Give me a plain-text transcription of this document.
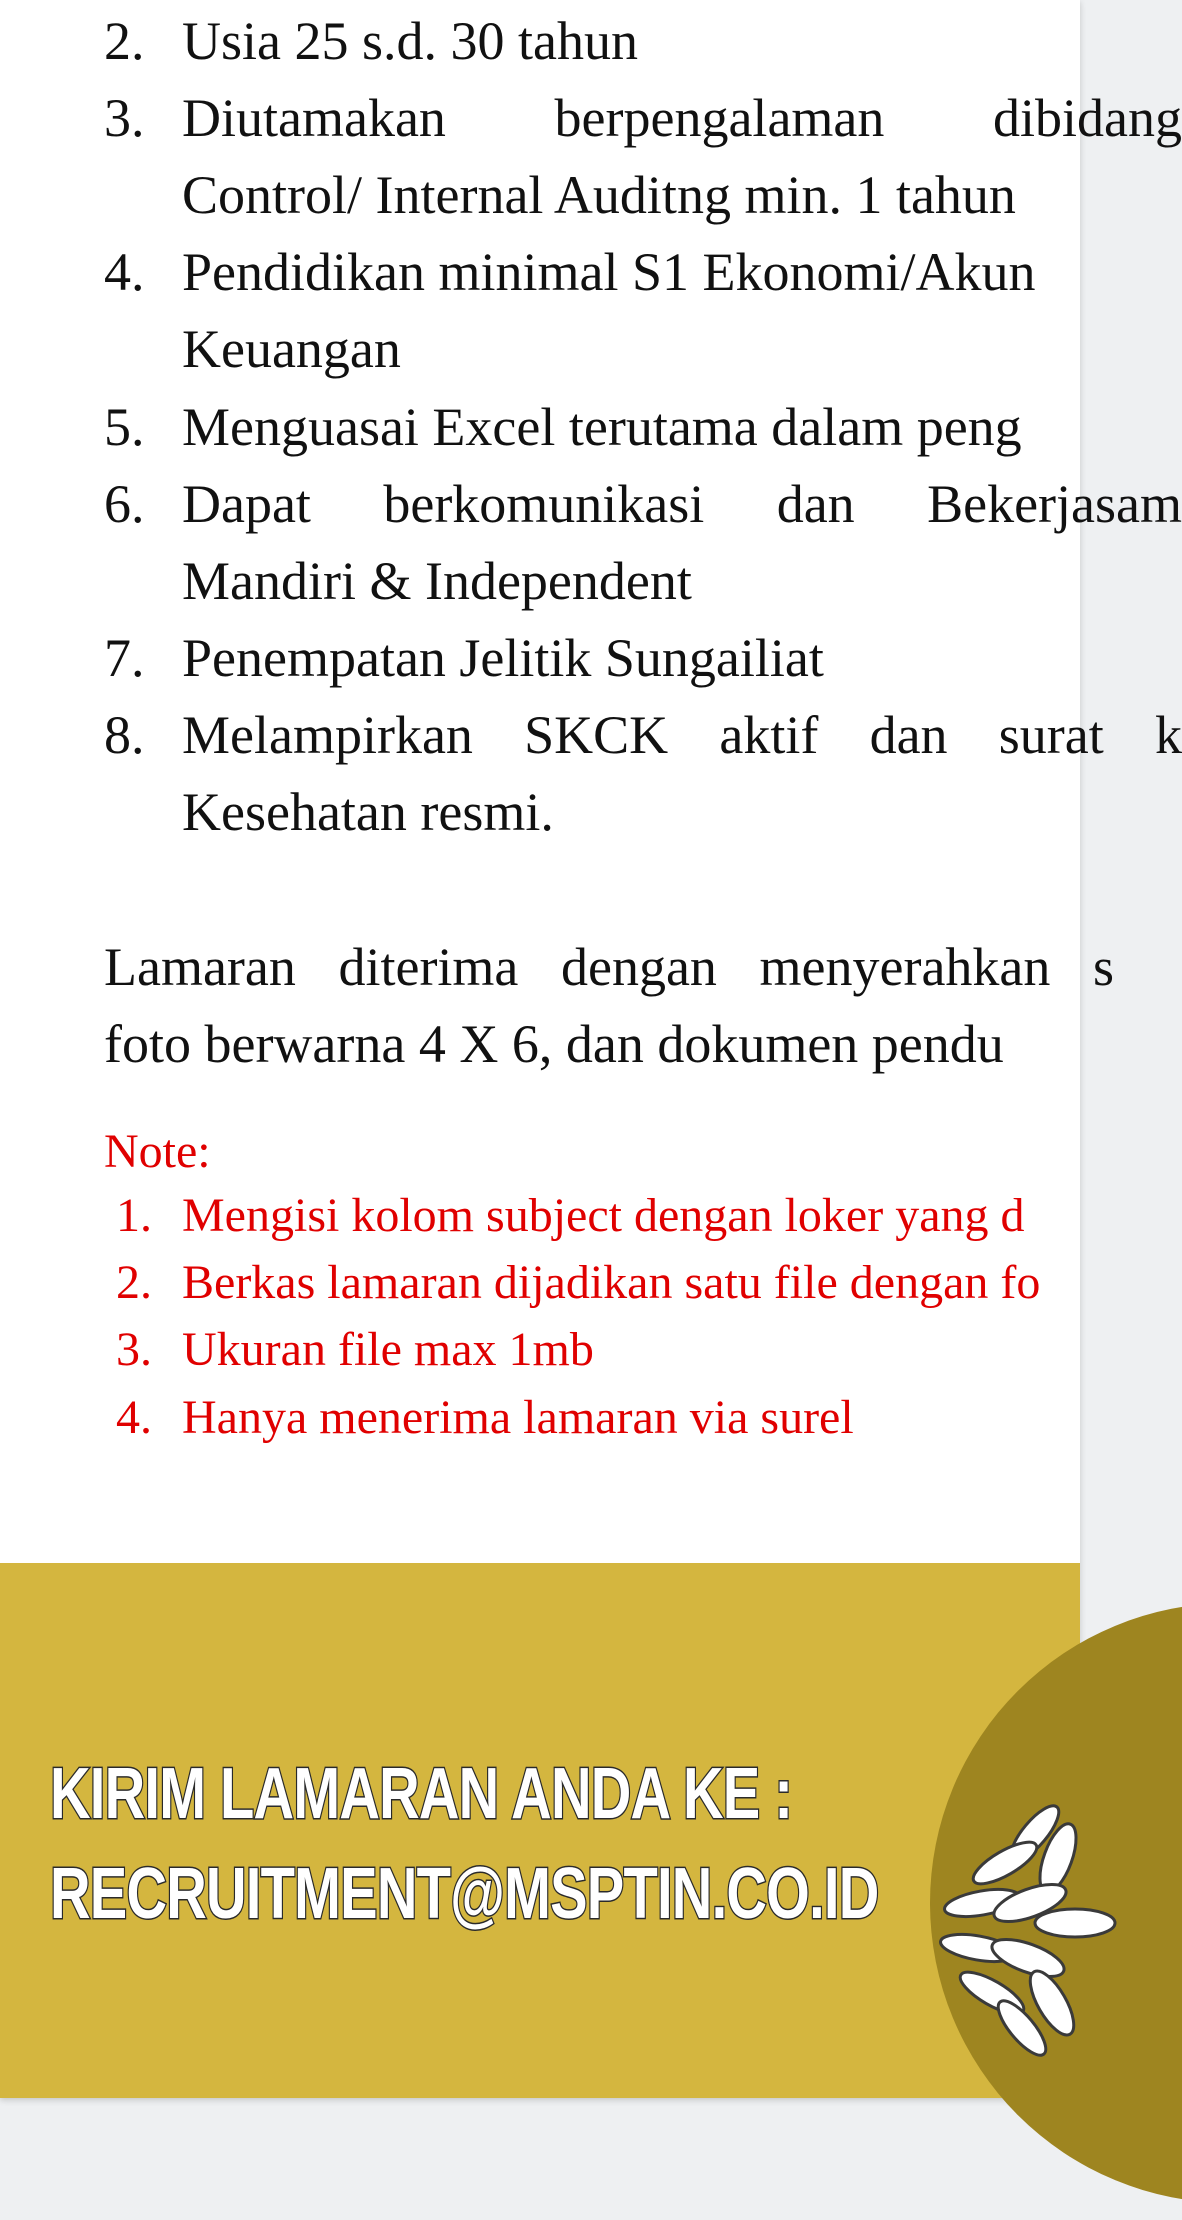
2. Usia 25 s.d. 30 tahun
3. Diutamakan berpengalaman dibidang
Control/ Internal Auditng min. 1 tahun
4. Pendidikan minimal S1 Ekonomi/Akun
Keuangan
5. Menguasai Excel terutama dalam peng
6. Dapat berkomunikasi dan Bekerjasam
Mandiri & Independent
7. Penempatan Jelitik Sungailiat
8. Melampirkan SKCK aktif dan surat k
Kesehatan resmi.
Lamaran diterima dengan menyerahkan s
foto berwarna 4 X 6, dan dokumen pendu
Note:
1. Mengisi kolom subject dengan loker yang d
2. Berkas lamaran dijadikan satu file dengan fo
3. Ukuran file max 1mb
4. Hanya menerima lamaran via surel
KIRIM LAMARAN ANDA KE :
RECRUITMENT@MSPTIN.CO.ID
